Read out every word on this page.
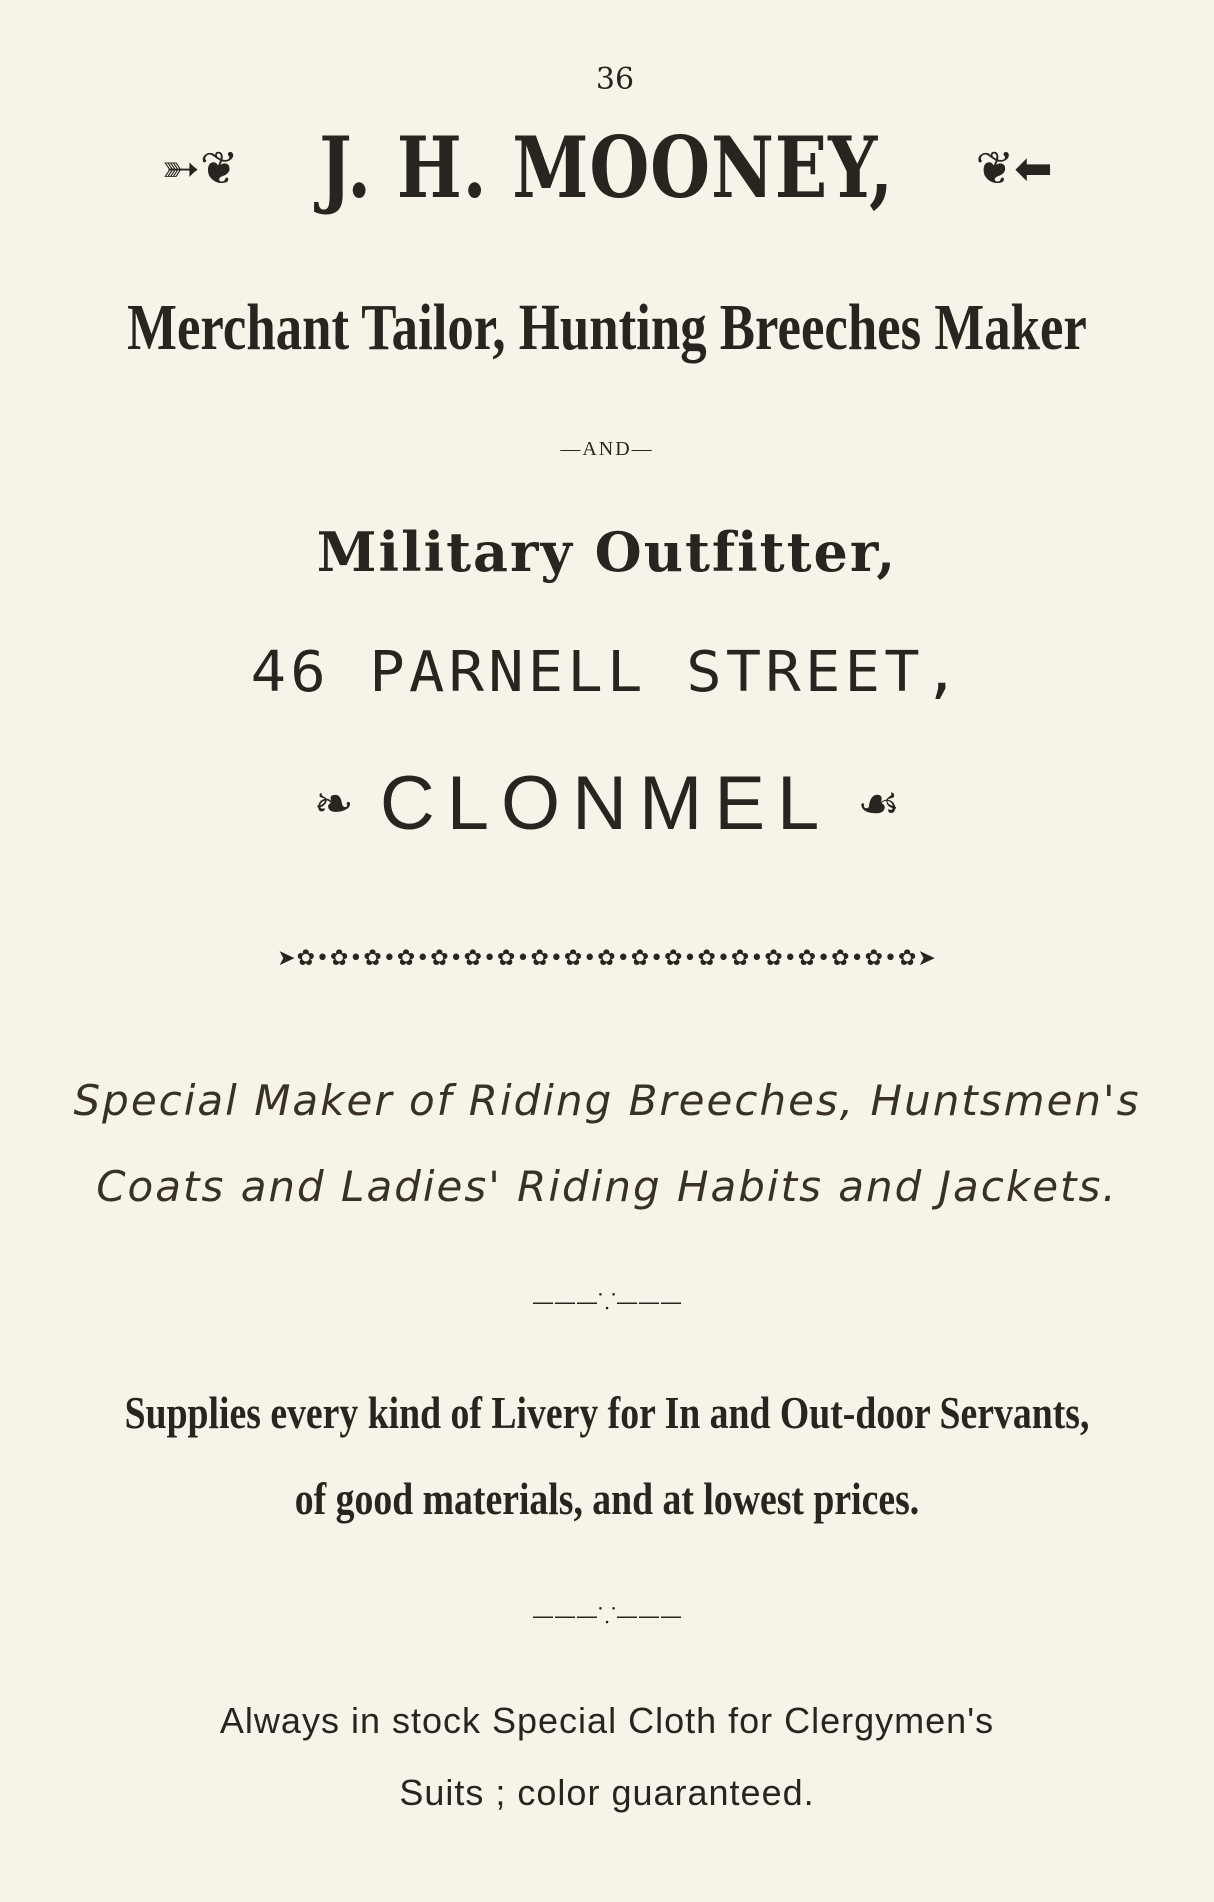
36
➳❦ J. H. MOONEY, ❦⬅
Merchant Tailor, Hunting Breeches Maker
—AND—
Military Outfitter,
46 PARNELL STREET,
❧ CLONMEL ☙
➤✿•✿•✿•✿•✿•✿•✿•✿•✿•✿•✿•✿•✿•✿•✿•✿•✿•✿•✿➤
Special Maker of Riding Breeches, Huntsmen's
Coats and Ladies' Riding Habits and Jackets.
———⸪———
Supplies every kind of Livery for In and Out-door Servants,
of good materials, and at lowest prices.
———⸪———
Always in stock Special Cloth for Clergymen's
Suits ; color guaranteed.
